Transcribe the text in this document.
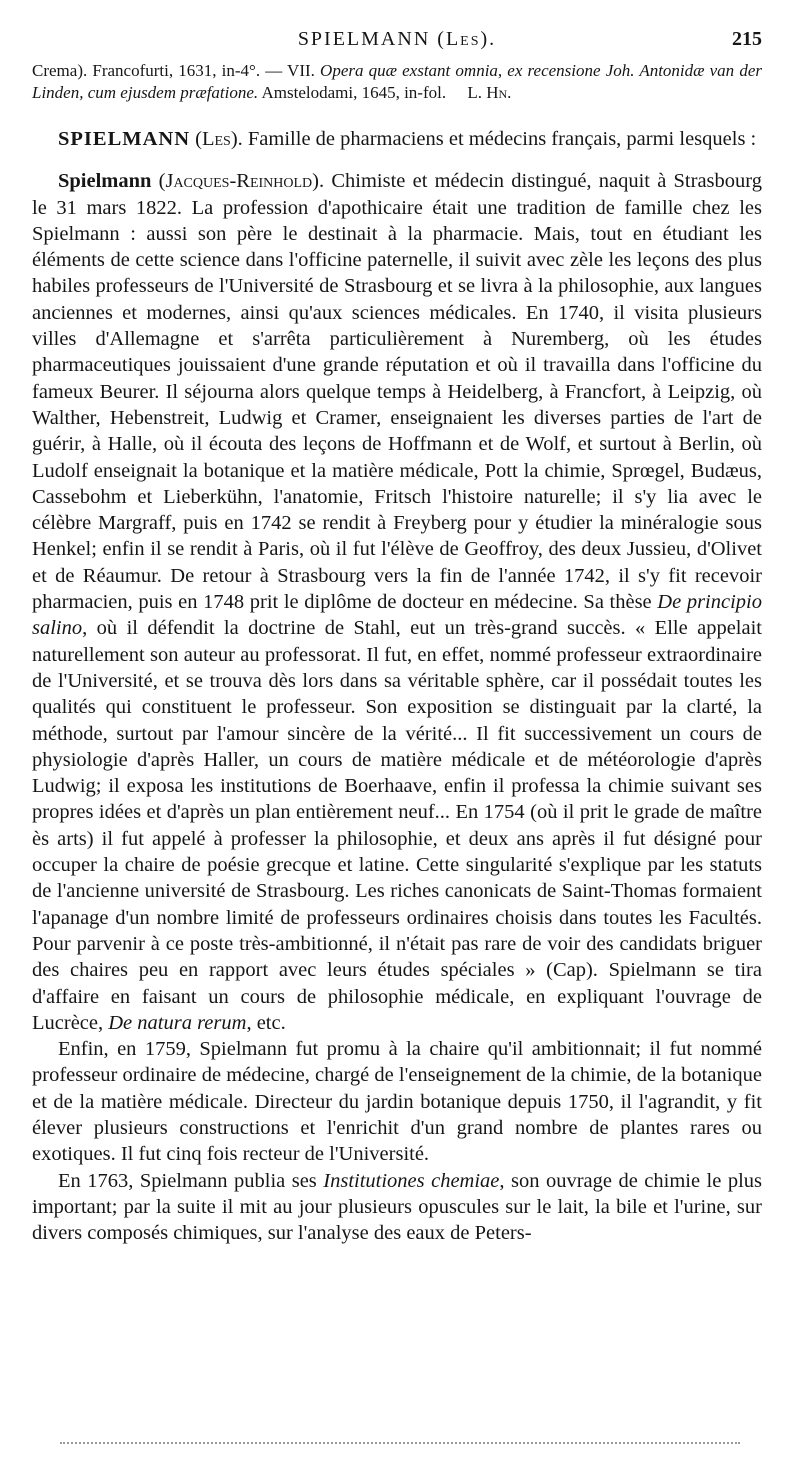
SPIELMANN (Les).	215

Crema). Francofurti, 1631, in-4°. — VII. Opera quæ exstant omnia, ex recensione Joh. Antonidæ van der Linden, cum ejusdem præfatione. Amstelodami, 1645, in-fol. L. Hn.

SPIELMANN (Les). Famille de pharmaciens et médecins français, parmi lesquels :

Spielmann (Jacques-Reinhold). Chimiste et médecin distingué, naquit à Strasbourg le 31 mars 1822. La profession d'apothicaire était une tradition de famille chez les Spielmann : aussi son père le destinait à la pharmacie. Mais, tout en étudiant les éléments de cette science dans l'officine paternelle, il suivit avec zèle les leçons des plus habiles professeurs de l'Université de Strasbourg et se livra à la philosophie, aux langues anciennes et modernes, ainsi qu'aux sciences médicales. En 1740, il visita plusieurs villes d'Allemagne et s'arrêta particulièrement à Nuremberg, où les études pharmaceutiques jouissaient d'une grande réputation et où il travailla dans l'officine du fameux Beurer. Il séjourna alors quelque temps à Heidelberg, à Francfort, à Leipzig, où Walther, Hebenstreit, Ludwig et Cramer, enseignaient les diverses parties de l'art de guérir, à Halle, où il écouta des leçons de Hoffmann et de Wolf, et surtout à Berlin, où Ludolf enseignait la botanique et la matière médicale, Pott la chimie, Sprœgel, Budæus, Cassebohm et Lieberkühn, l'anatomie, Fritsch l'histoire naturelle; il s'y lia avec le célèbre Margraff, puis en 1742 se rendit à Freyberg pour y étudier la minéralogie sous Henkel; enfin il se rendit à Paris, où il fut l'élève de Geoffroy, des deux Jussieu, d'Olivet et de Réaumur. De retour à Strasbourg vers la fin de l'année 1742, il s'y fit recevoir pharmacien, puis en 1748 prit le diplôme de docteur en médecine. Sa thèse De principio salino, où il défendit la doctrine de Stahl, eut un très-grand succès. « Elle appelait naturellement son auteur au professorat. Il fut, en effet, nommé professeur extraordinaire de l'Université, et se trouva dès lors dans sa véritable sphère, car il possédait toutes les qualités qui constituent le professeur. Son exposition se distinguait par la clarté, la méthode, surtout par l'amour sincère de la vérité... Il fit successivement un cours de physiologie d'après Haller, un cours de matière médicale et de météorologie d'après Ludwig; il exposa les institutions de Boerhaave, enfin il professa la chimie suivant ses propres idées et d'après un plan entièrement neuf... En 1754 (où il prit le grade de maître ès arts) il fut appelé à professer la philosophie, et deux ans après il fut désigné pour occuper la chaire de poésie grecque et latine. Cette singularité s'explique par les statuts de l'ancienne université de Strasbourg. Les riches canonicats de Saint-Thomas formaient l'apanage d'un nombre limité de professeurs ordinaires choisis dans toutes les Facultés. Pour parvenir à ce poste très-ambitionné, il n'était pas rare de voir des candidats briguer des chaires peu en rapport avec leurs études spéciales » (Cap). Spielmann se tira d'affaire en faisant un cours de philosophie médicale, en expliquant l'ouvrage de Lucrèce, De natura rerum, etc.

Enfin, en 1759, Spielmann fut promu à la chaire qu'il ambitionnait; il fut nommé professeur ordinaire de médecine, chargé de l'enseignement de la chimie, de la botanique et de la matière médicale. Directeur du jardin botanique depuis 1750, il l'agrandit, y fit élever plusieurs constructions et l'enrichit d'un grand nombre de plantes rares ou exotiques. Il fut cinq fois recteur de l'Université.

En 1763, Spielmann publia ses Institutiones chemiae, son ouvrage de chimie le plus important; par la suite il mit au jour plusieurs opuscules sur le lait, la bile et l'urine, sur divers composés chimiques, sur l'analyse des eaux de Peters-
